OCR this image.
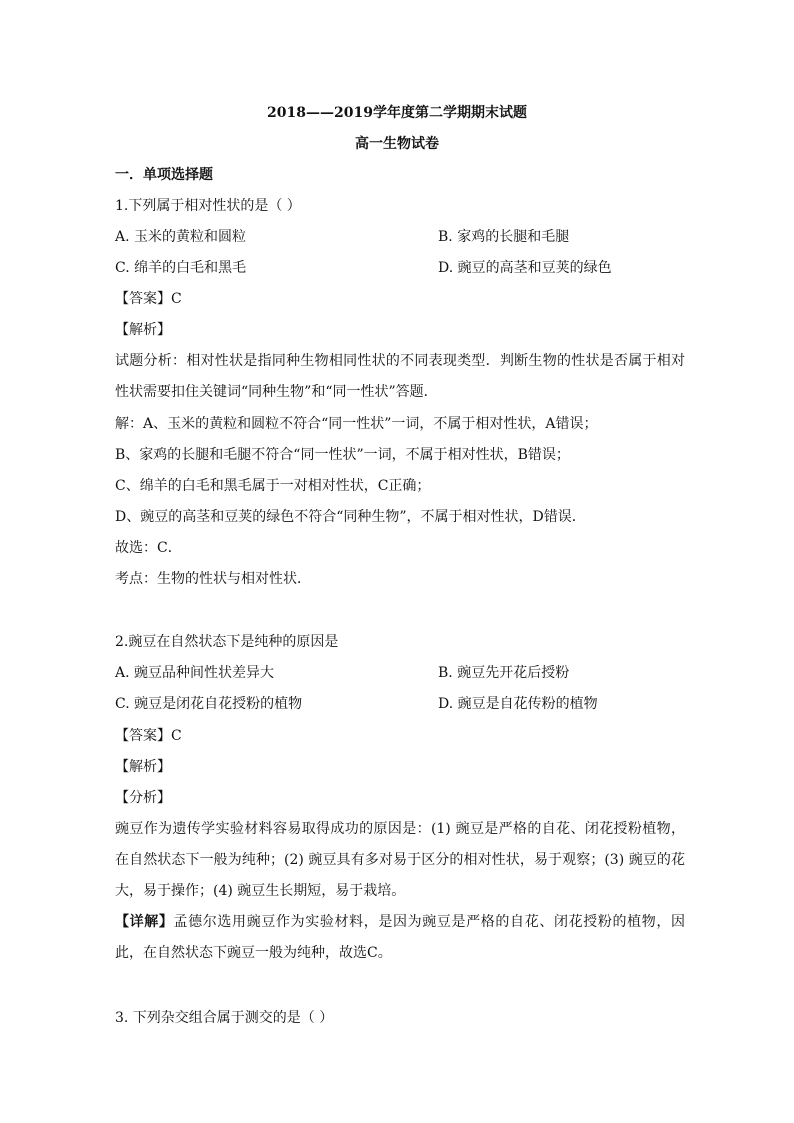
2018——2019学年度第二学期期末试题
高一生物试卷
一．单项选择题
1.下列属于相对性状的是（ ）
A. 玉米的黄粒和圆粒	B. 家鸡的长腿和毛腿
C. 绵羊的白毛和黑毛	D. 豌豆的高茎和豆荚的绿色
【答案】C
【解析】
试题分析：相对性状是指同种生物相同性状的不同表现类型．判断生物的性状是否属于相对性状需要扣住关键词“同种生物”和“同一性状”答题．
解：A、玉米的黄粒和圆粒不符合“同一性状”一词，不属于相对性状，A错误；
B、家鸡的长腿和毛腿不符合“同一性状”一词，不属于相对性状，B错误；
C、绵羊的白毛和黑毛属于一对相对性状，C正确；
D、豌豆的高茎和豆荚的绿色不符合“同种生物”，不属于相对性状，D错误．
故选：C．
考点：生物的性状与相对性状．
2.豌豆在自然状态下是纯种的原因是
A. 豌豆品种间性状差异大	B. 豌豆先开花后授粉
C. 豌豆是闭花自花授粉的植物	D. 豌豆是自花传粉的植物
【答案】C
【解析】
【分析】
豌豆作为遗传学实验材料容易取得成功的原因是：(1) 豌豆是严格的自花、闭花授粉植物，在自然状态下一般为纯种；(2) 豌豆具有多对易于区分的相对性状，易于观察；(3) 豌豆的花大，易于操作；(4) 豌豆生长期短，易于栽培。
【详解】孟德尔选用豌豆作为实验材料，是因为豌豆是严格的自花、闭花授粉的植物，因此，在自然状态下豌豆一般为纯种，故选C。
3. 下列杂交组合属于测交的是（ ）
